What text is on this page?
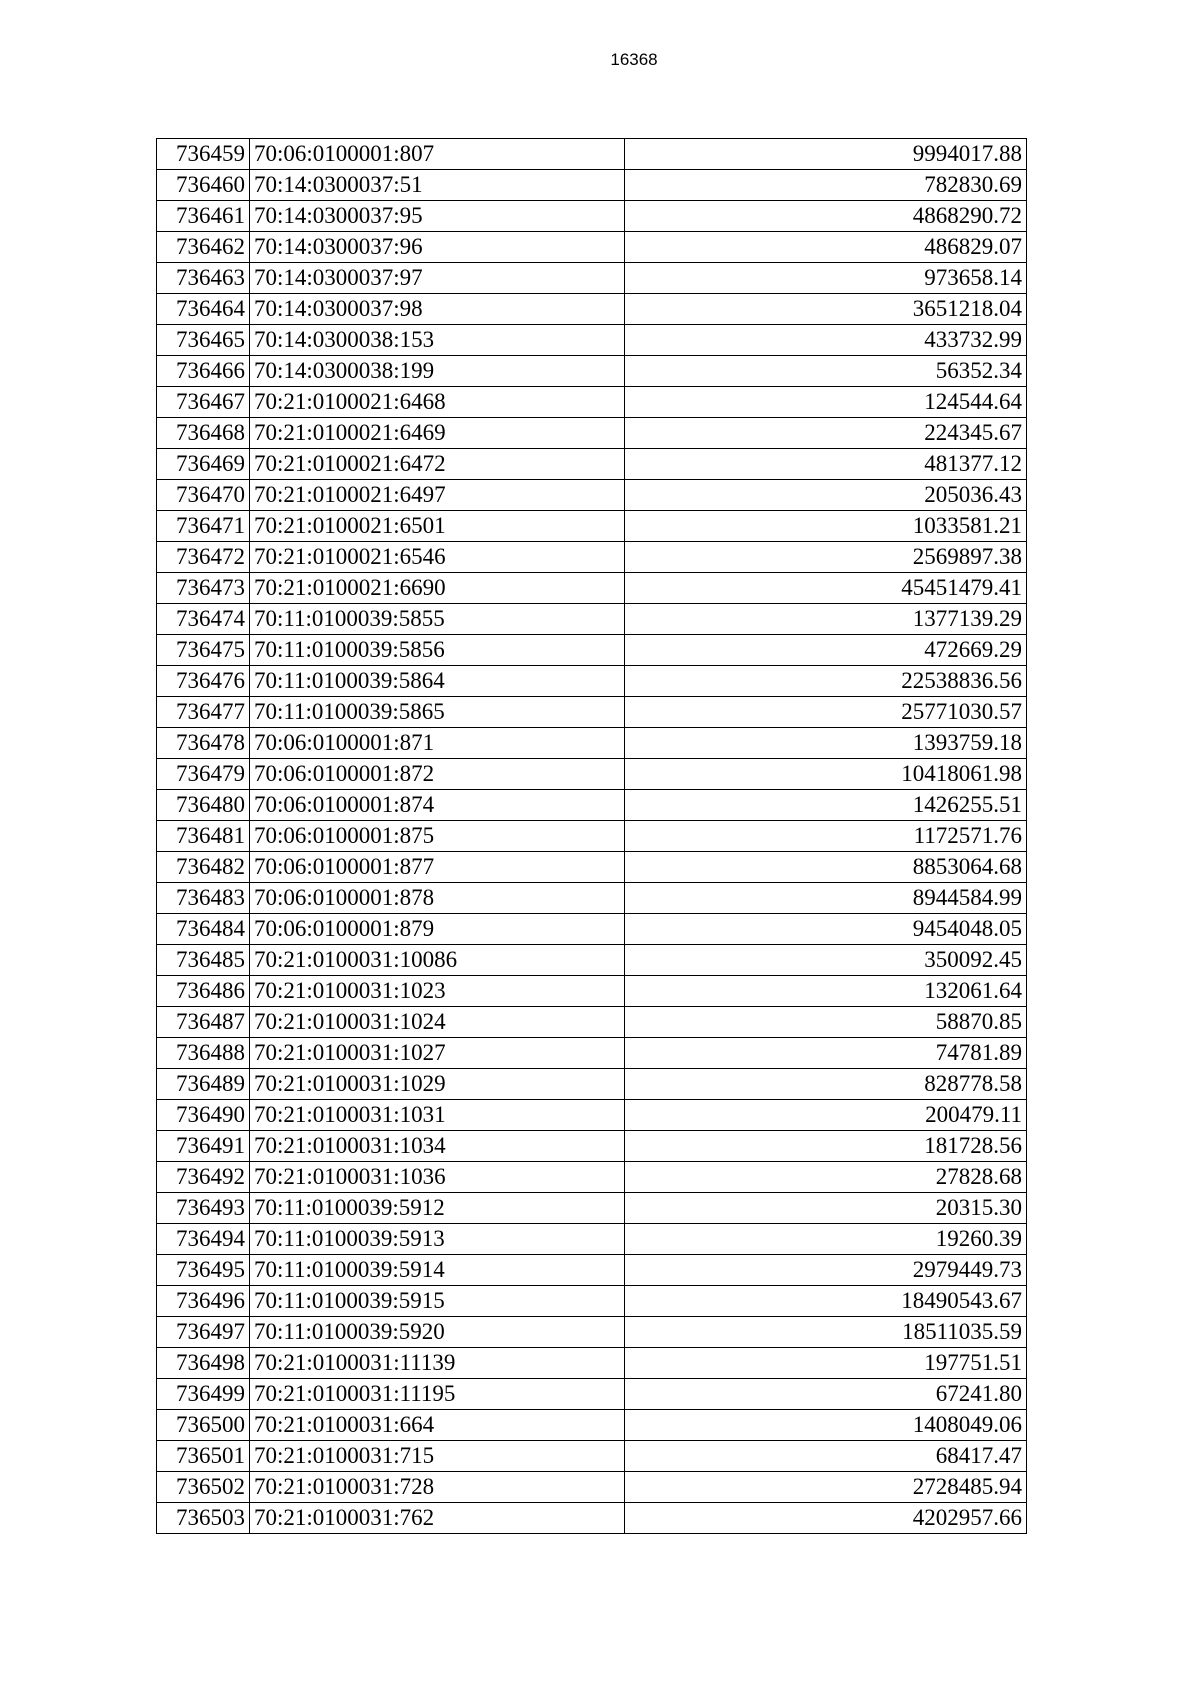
16368
736459	70:06:0100001:807	9994017.88
736460	70:14:0300037:51	782830.69
736461	70:14:0300037:95	4868290.72
736462	70:14:0300037:96	486829.07
736463	70:14:0300037:97	973658.14
736464	70:14:0300037:98	3651218.04
736465	70:14:0300038:153	433732.99
736466	70:14:0300038:199	56352.34
736467	70:21:0100021:6468	124544.64
736468	70:21:0100021:6469	224345.67
736469	70:21:0100021:6472	481377.12
736470	70:21:0100021:6497	205036.43
736471	70:21:0100021:6501	1033581.21
736472	70:21:0100021:6546	2569897.38
736473	70:21:0100021:6690	45451479.41
736474	70:11:0100039:5855	1377139.29
736475	70:11:0100039:5856	472669.29
736476	70:11:0100039:5864	22538836.56
736477	70:11:0100039:5865	25771030.57
736478	70:06:0100001:871	1393759.18
736479	70:06:0100001:872	10418061.98
736480	70:06:0100001:874	1426255.51
736481	70:06:0100001:875	1172571.76
736482	70:06:0100001:877	8853064.68
736483	70:06:0100001:878	8944584.99
736484	70:06:0100001:879	9454048.05
736485	70:21:0100031:10086	350092.45
736486	70:21:0100031:1023	132061.64
736487	70:21:0100031:1024	58870.85
736488	70:21:0100031:1027	74781.89
736489	70:21:0100031:1029	828778.58
736490	70:21:0100031:1031	200479.11
736491	70:21:0100031:1034	181728.56
736492	70:21:0100031:1036	27828.68
736493	70:11:0100039:5912	20315.30
736494	70:11:0100039:5913	19260.39
736495	70:11:0100039:5914	2979449.73
736496	70:11:0100039:5915	18490543.67
736497	70:11:0100039:5920	18511035.59
736498	70:21:0100031:11139	197751.51
736499	70:21:0100031:11195	67241.80
736500	70:21:0100031:664	1408049.06
736501	70:21:0100031:715	68417.47
736502	70:21:0100031:728	2728485.94
736503	70:21:0100031:762	4202957.66
